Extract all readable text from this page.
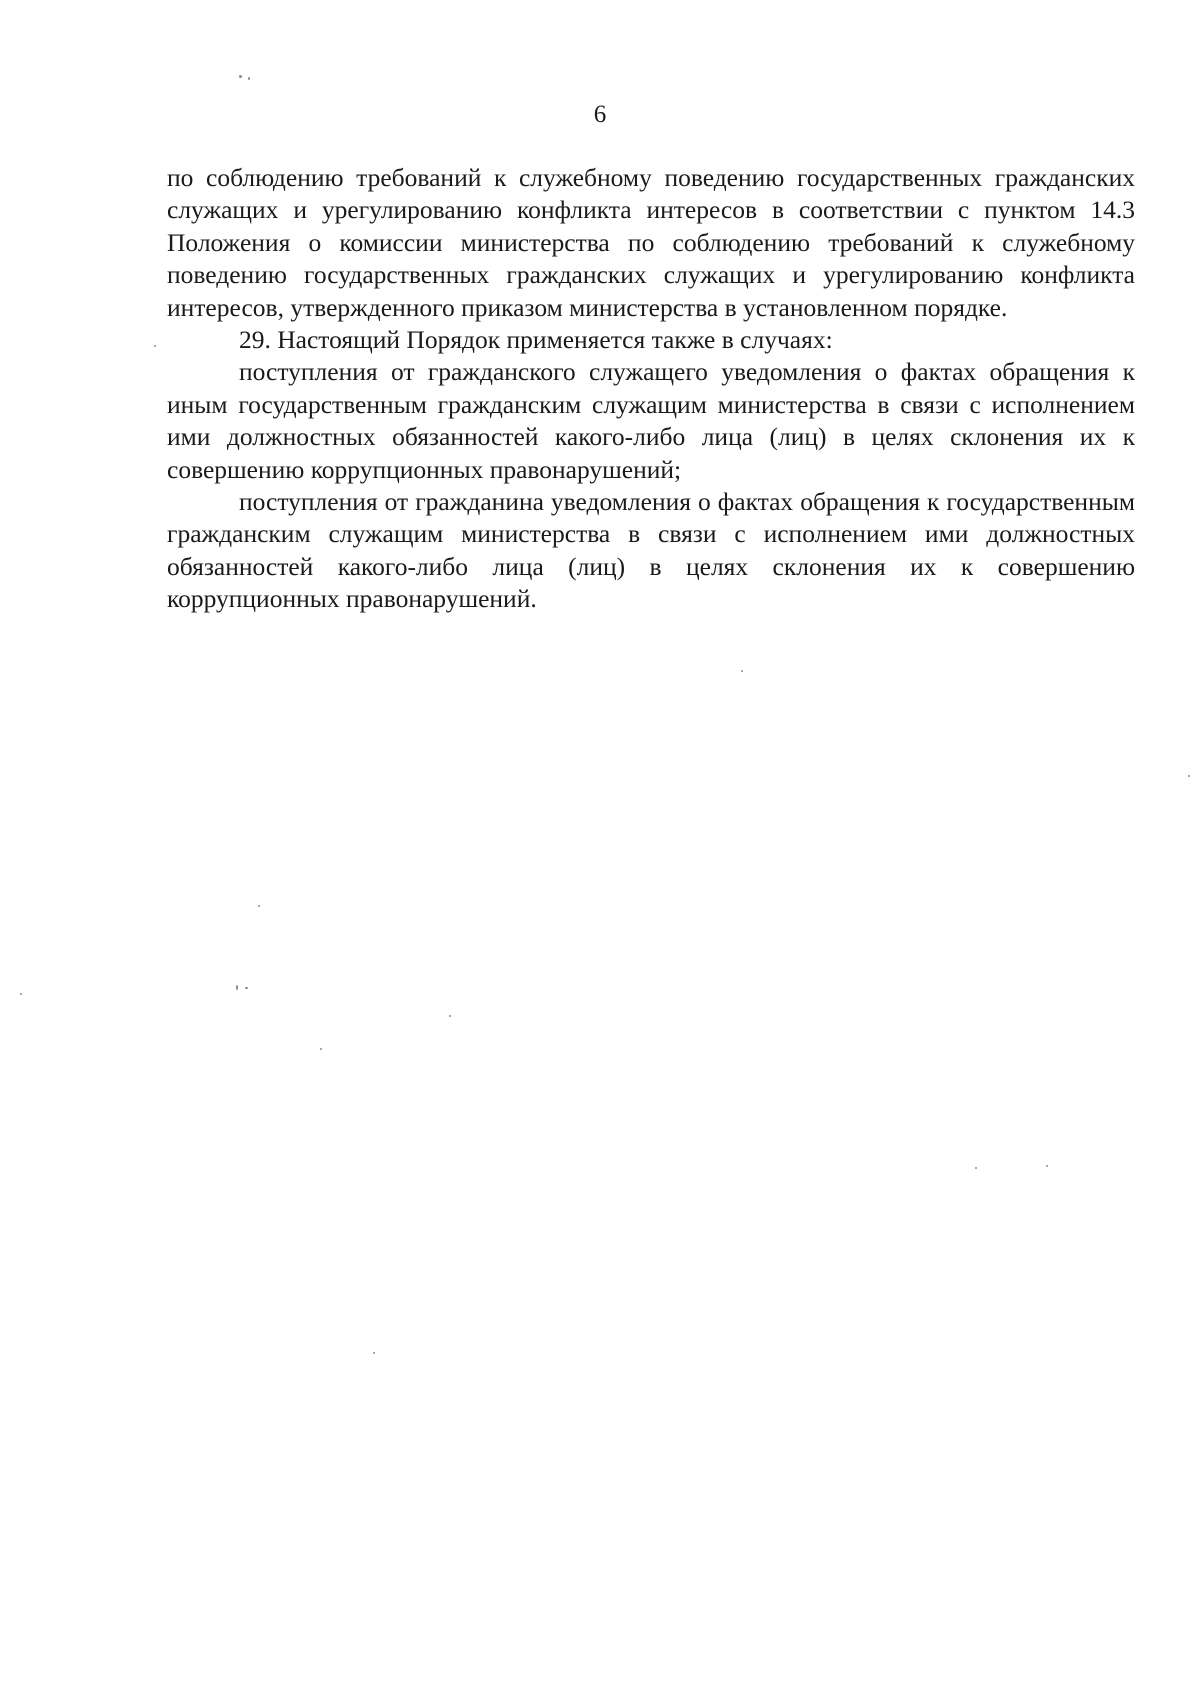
6

по соблюдению требований к служебному поведению государственных гражданских служащих и урегулированию конфликта интересов в соответствии с пунктом 14.3 Положения о комиссии министерства по соблюдению требований к служебному поведению государственных гражданских служащих и урегулированию конфликта интересов, утвержденного приказом министерства в установленном порядке.

29. Настоящий Порядок применяется также в случаях:

поступления от гражданского служащего уведомления о фактах обращения к иным государственным гражданским служащим министерства в связи с исполнением ими должностных обязанностей какого-либо лица (лиц) в целях склонения их к совершению коррупционных правонарушений;

поступления от гражданина уведомления о фактах обращения к государственным гражданским служащим министерства в связи с исполнением ими должностных обязанностей какого-либо лица (лиц) в целях склонения их к совершению коррупционных правонарушений.
